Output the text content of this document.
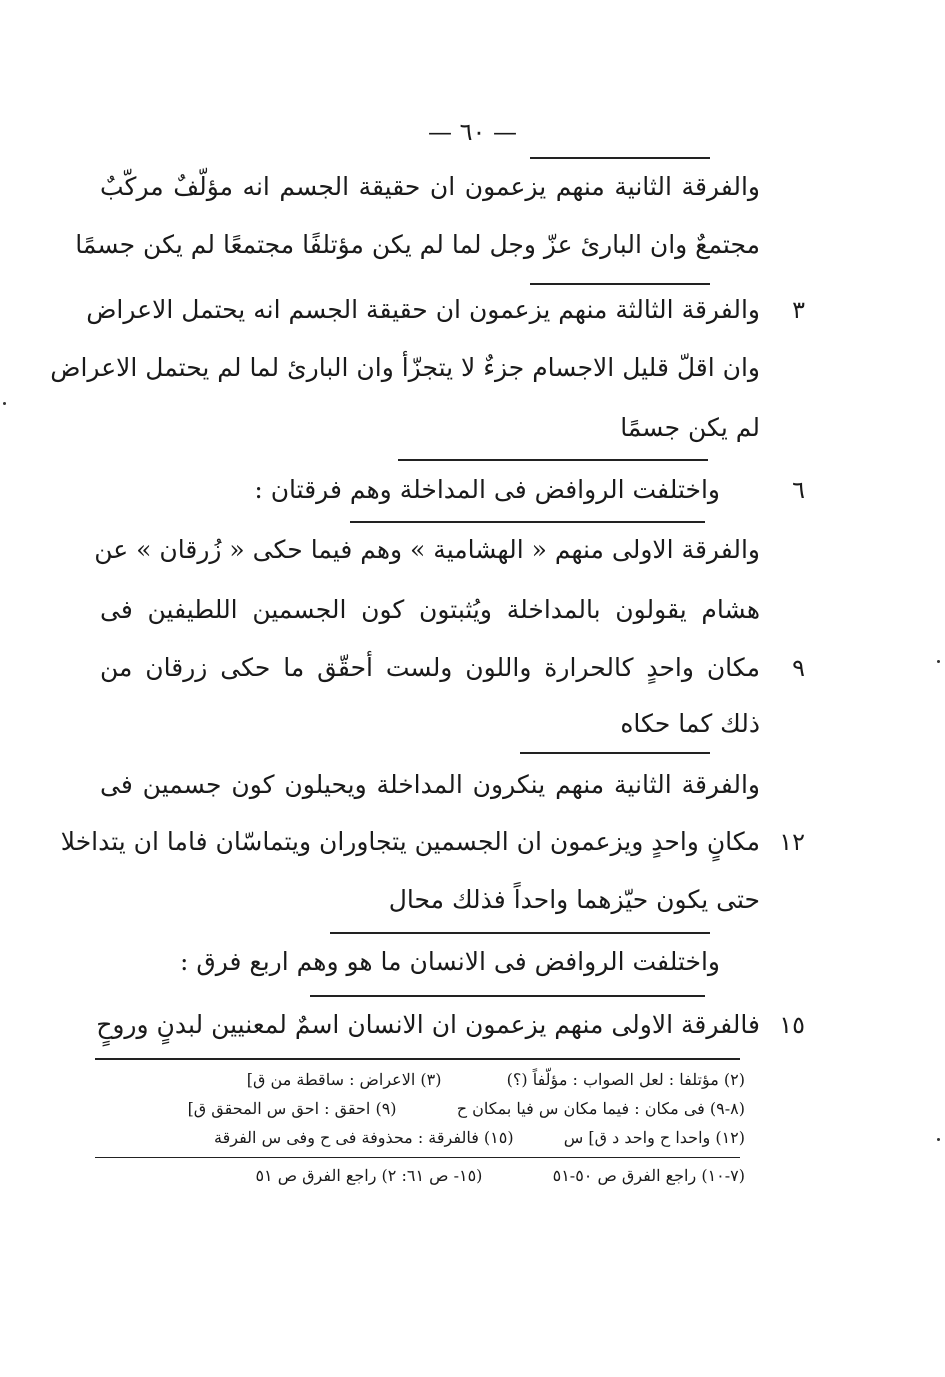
— ٦٠ —
والفرقة الثانية منهم يزعمون ان حقيقة الجسم انه مؤلّفٌ مركّبٌ
مجتمعٌ وان البارئ عزّ وجل لما لم يكن مؤتلفًا مجتمعًا لم يكن جسمًا
والفرقة الثالثة منهم يزعمون ان حقيقة الجسم انه يحتمل الاعراض ٣
وان اقلّ قليل الاجسام جزءٌ لا يتجزّأ وان البارئ لما لم يحتمل الاعراض
لم يكن جسمًا
واختلفت الروافض فى المداخلة وهم فرقتان :	٦
والفرقة الاولى منهم « الهشامية » وهم فيما حكى « زُرقان » عن
هشام يقولون بالمداخلة ويُثبتون كون الجسمين اللطيفين فى
مكان واحدٍ كالحرارة واللون ولست أحقّق ما حكى زرقان من ٩
ذلك كما حكاه
والفرقة الثانية منهم ينكرون المداخلة ويحيلون كون جسمين فى
مكانٍ واحدٍ ويزعمون ان الجسمين يتجاوران ويتماسّان فاما ان يتداخلا ١٢
حتى يكون حيّزهما واحداً فذلك محال
واختلفت الروافض فى الانسان ما هو وهم اربع فرق :
فالفرقة الاولى منهم يزعمون ان الانسان اسمٌ لمعنيين لبدنٍ وروحٍ ١٥
(٢) مؤتلفا : لعل الصواب : مؤلّفاً (؟)  (٣) الاعراض : ساقطة من ق]
(٨-٩) فى مكان : فيما مكان س فيا بمكان ح  (٩) احقق : احق س المحقق ق]
(١٢) واحدا ح واحد د ق] س  (١٥) فالفرقة : محذوفة فى ح وفى س الفرقة
(٧-١٠) راجع الفرق ص ٥٠-٥١  (١٥- ص ٦١: ٢) راجع الفرق ص ٥١
